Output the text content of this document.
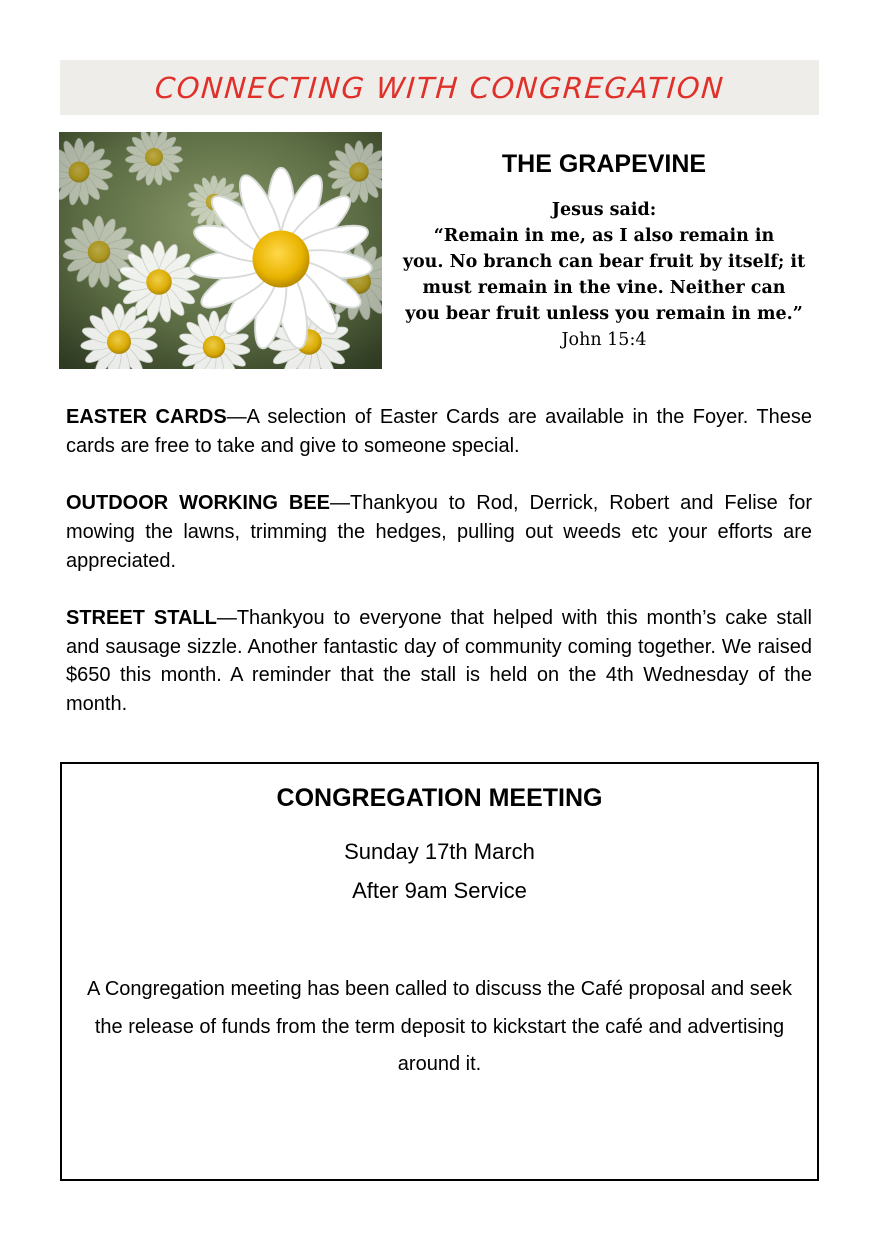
CONNECTING WITH CONGREGATION
THE GRAPEVINE
Jesus said:
“Remain in me, as I also remain in
you. No branch can bear fruit by itself; it
must remain in the vine. Neither can
you bear fruit unless you remain in me.”
John 15:4

EASTER CARDS—A selection of Easter Cards are available in the Foyer. These cards are free to take and give to someone special.

OUTDOOR WORKING BEE—Thankyou to Rod, Derrick, Robert and Felise for mowing the lawns, trimming the hedges, pulling out weeds etc your efforts are appreciated.

STREET STALL—Thankyou to everyone that helped with this month’s cake stall and sausage sizzle. Another fantastic day of community coming together. We raised $650 this month. A reminder that the stall is held on the 4th Wednesday of the month.

CONGREGATION MEETING
Sunday 17th March
After 9am Service
A Congregation meeting has been called to discuss the Café proposal and seek the release of funds from the term deposit to kickstart the café and advertising around it.
